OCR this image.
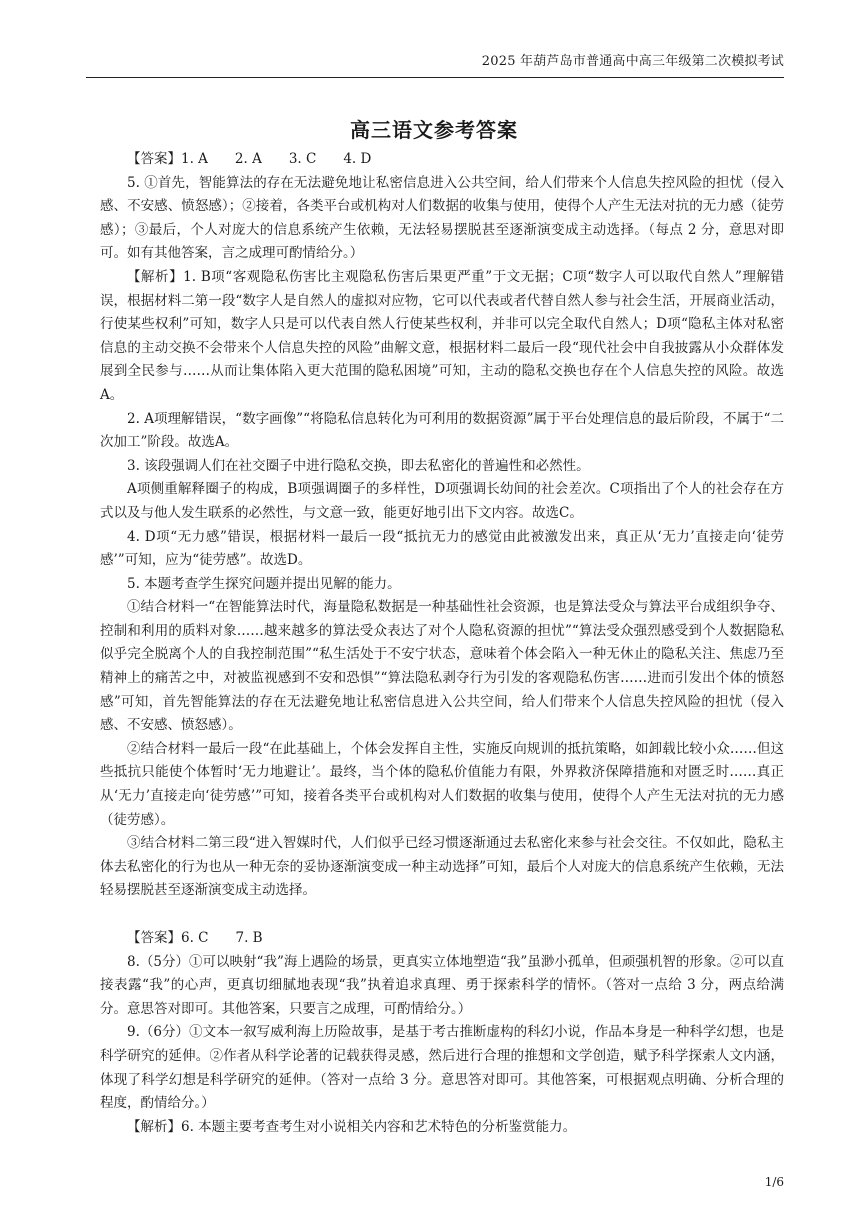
2025 年葫芦岛市普通高中高三年级第二次模拟考试
高三语文参考答案

【答案】1. A　　2. A　　3. C　　4. D

5. ①首先，智能算法的存在无法避免地让私密信息进入公共空间，给人们带来个人信息失控风险的担忧（侵入感、不安感、愤怒感）；②接着，各类平台或机构对人们数据的收集与使用，使得个人产生无法对抗的无力感（徒劳感）；③最后，个人对庞大的信息系统产生依赖，无法轻易摆脱甚至逐渐演变成主动选择。（每点 2 分，意思对即可。如有其他答案，言之成理可酌情给分。）

【解析】1. B项“客观隐私伤害比主观隐私伤害后果更严重”于文无据；C项“数字人可以取代自然人”理解错误，根据材料二第一段“数字人是自然人的虚拟对应物，它可以代表或者代替自然人参与社会生活，开展商业活动，行使某些权利”可知，数字人只是可以代表自然人行使某些权利，并非可以完全取代自然人；D项“隐私主体对私密信息的主动交换不会带来个人信息失控的风险”曲解文意，根据材料二最后一段“现代社会中自我披露从小众群体发展到全民参与……从而让集体陷入更大范围的隐私困境”可知，主动的隐私交换也存在个人信息失控的风险。故选A。

2. A项理解错误，“数字画像”“将隐私信息转化为可利用的数据资源”属于平台处理信息的最后阶段，不属于“二次加工”阶段。故选A。

3. 该段强调人们在社交圈子中进行隐私交换，即去私密化的普遍性和必然性。

A项侧重解释圈子的构成，B项强调圈子的多样性，D项强调长幼间的社会差次。C项指出了个人的社会存在方式以及与他人发生联系的必然性，与文意一致，能更好地引出下文内容。故选C。

4. D项“无力感”错误，根据材料一最后一段“抵抗无力的感觉由此被激发出来，真正从‘无力’直接走向‘徒劳感’”可知，应为“徒劳感”。故选D。

5. 本题考查学生探究问题并提出见解的能力。

①结合材料一“在智能算法时代，海量隐私数据是一种基础性社会资源，也是算法受众与算法平台成组织争夺、控制和利用的质料对象……越来越多的算法受众表达了对个人隐私资源的担忧”“算法受众强烈感受到个人数据隐私似乎完全脱离个人的自我控制范围”“私生活处于不安宁状态，意味着个体会陷入一种无休止的隐私关注、焦虑乃至精神上的痛苦之中，对被监视感到不安和恐惧”“算法隐私剥夺行为引发的客观隐私伤害……进而引发出个体的愤怒感”可知，首先智能算法的存在无法避免地让私密信息进入公共空间，给人们带来个人信息失控风险的担忧（侵入感、不安感、愤怒感）。

②结合材料一最后一段“在此基础上，个体会发挥自主性，实施反向规训的抵抗策略，如卸载比较小众……但这些抵抗只能使个体暂时‘无力地避让’。最终，当个体的隐私价值能力有限，外界救济保障措施和对匮乏时……真正从‘无力’直接走向‘徒劳感’”可知，接着各类平台或机构对人们数据的收集与使用，使得个人产生无法对抗的无力感（徒劳感）。

③结合材料二第三段“进入智媒时代，人们似乎已经习惯逐渐通过去私密化来参与社会交往。不仅如此，隐私主体去私密化的行为也从一种无奈的妥协逐渐演变成一种主动选择”可知，最后个人对庞大的信息系统产生依赖，无法轻易摆脱甚至逐渐演变成主动选择。

【答案】6. C　　7. B

8.（5分）①可以映射“我”海上遇险的场景，更真实立体地塑造“我”虽渺小孤单，但顽强机智的形象。②可以直接表露“我”的心声，更真切细腻地表现“我”执着追求真理、勇于探索科学的情怀。（答对一点给 3 分，两点给满分。意思答对即可。其他答案，只要言之成理，可酌情给分。）

9.（6分）①文本一叙写威利海上历险故事，是基于考古推断虚构的科幻小说，作品本身是一种科学幻想，也是科学研究的延伸。②作者从科学论著的记载获得灵感，然后进行合理的推想和文学创造，赋予科学探索人文内涵，体现了科学幻想是科学研究的延伸。（答对一点给 3 分。意思答对即可。其他答案，可根据观点明确、分析合理的程度，酌情给分。）

【解析】6. 本题主要考查考生对小说相关内容和艺术特色的分析鉴赏能力。

1/6
